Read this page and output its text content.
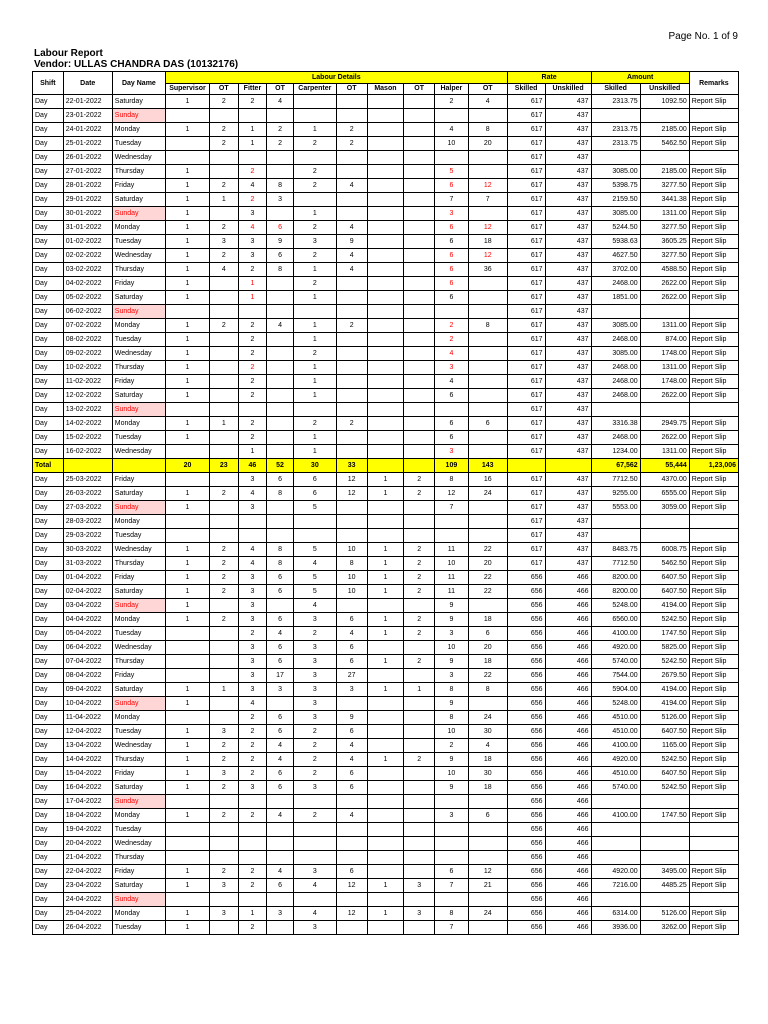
Page No. 1 of 9
Labour Report
Vendor: ULLAS CHANDRA DAS (10132176)
Shift	Date	Day Name	Labour Details										Rate		Amount		Remarks
			Supervisor	OT	Fitter	OT	Carpenter	OT	Mason	OT	Halper	OT	Skilled	Unskilled	Skilled	Unskilled	
Day	22-01-2022	Saturday	1	2	2	4					2	4	617	437	2313.75	1092.50	Report Slip
Day	23-01-2022	Sunday											617	437			
Day	24-01-2022	Monday	1	2	1	2	1	2			4	8	617	437	2313.75	2185.00	Report Slip
Day	25-01-2022	Tuesday		2	1	2	2	2			10	20	617	437	2313.75	5462.50	Report Slip
Day	26-01-2022	Wednesday											617	437			
Day	27-01-2022	Thursday	1		2		2				5		617	437	3085.00	2185.00	Report Slip
Day	28-01-2022	Friday	1	2	4	8	2	4			6	12	617	437	5398.75	3277.50	Report Slip
Day	29-01-2022	Saturday	1	1	2	3					7	7	617	437	2159.50	3441.38	Report Slip
Day	30-01-2022	Sunday	1		3		1				3		617	437	3085.00	1311.00	Report Slip
Day	31-01-2022	Monday	1	2	4	6	2	4			6	12	617	437	5244.50	3277.50	Report Slip
Day	01-02-2022	Tuesday	1	3	3	9	3	9			6	18	617	437	5938.63	3605.25	Report Slip
Day	02-02-2022	Wednesday	1	2	3	6	2	4			6	12	617	437	4627.50	3277.50	Report Slip
Day	03-02-2022	Thursday	1	4	2	8	1	4			6	36	617	437	3702.00	4588.50	Report Slip
Day	04-02-2022	Friday	1		1		2				6		617	437	2468.00	2622.00	Report Slip
Day	05-02-2022	Saturday	1		1		1				6		617	437	1851.00	2622.00	Report Slip
Day	06-02-2022	Sunday											617	437			
Day	07-02-2022	Monday	1	2	2	4	1	2			2	8	617	437	3085.00	1311.00	Report Slip
Day	08-02-2022	Tuesday	1		2		1				2		617	437	2468.00	874.00	Report Slip
Day	09-02-2022	Wednesday	1		2		2				4		617	437	3085.00	1748.00	Report Slip
Day	10-02-2022	Thursday	1		2		1				3		617	437	2468.00	1311.00	Report Slip
Day	11-02-2022	Friday	1		2		1				4		617	437	2468.00	1748.00	Report Slip
Day	12-02-2022	Saturday	1		2		1				6		617	437	2468.00	2622.00	Report Slip
Day	13-02-2022	Sunday											617	437			
Day	14-02-2022	Monday	1	1	2		2	2			6	6	617	437	3316.38	2949.75	Report Slip
Day	15-02-2022	Tuesday	1		2		1				6		617	437	2468.00	2622.00	Report Slip
Day	16-02-2022	Wednesday			1		1				3		617	437	1234.00	1311.00	Report Slip
Total			20	23	46	52	30	33			109	143			67,562	55,444	1,23,006
Day	25-03-2022	Friday			3	6	6	12	1	2	8	16	617	437	7712.50	4370.00	Report Slip
Day	26-03-2022	Saturday	1	2	4	8	6	12	1	2	12	24	617	437	9255.00	6555.00	Report Slip
Day	27-03-2022	Sunday	1		3		5				7		617	437	5553.00	3059.00	Report Slip
Day	28-03-2022	Monday											617	437			
Day	29-03-2022	Tuesday											617	437			
Day	30-03-2022	Wednesday	1	2	4	8	5	10	1	2	11	22	617	437	8483.75	6008.75	Report Slip
Day	31-03-2022	Thursday	1	2	4	8	4	8	1	2	10	20	617	437	7712.50	5462.50	Report Slip
Day	01-04-2022	Friday	1	2	3	6	5	10	1	2	11	22	656	466	8200.00	6407.50	Report Slip
Day	02-04-2022	Saturday	1	2	3	6	5	10	1	2	11	22	656	466	8200.00	6407.50	Report Slip
Day	03-04-2022	Sunday	1		3		4				9		656	466	5248.00	4194.00	Report Slip
Day	04-04-2022	Monday	1	2	3	6	3	6	1	2	9	18	656	466	6560.00	5242.50	Report Slip
Day	05-04-2022	Tuesday			2	4	2	4	1	2	3	6	656	466	4100.00	1747.50	Report Slip
Day	06-04-2022	Wednesday			3	6	3	6			10	20	656	466	4920.00	5825.00	Report Slip
Day	07-04-2022	Thursday			3	6	3	6	1	2	9	18	656	466	5740.00	5242.50	Report Slip
Day	08-04-2022	Friday			3	17	3	27			3	22	656	466	7544.00	2679.50	Report Slip
Day	09-04-2022	Saturday	1	1	3	3	3	3	1	1	8	8	656	466	5904.00	4194.00	Report Slip
Day	10-04-2022	Sunday	1		4		3				9		656	466	5248.00	4194.00	Report Slip
Day	11-04-2022	Monday			2	6	3	9			8	24	656	466	4510.00	5126.00	Report Slip
Day	12-04-2022	Tuesday	1	3	2	6	2	6			10	30	656	466	4510.00	6407.50	Report Slip
Day	13-04-2022	Wednesday	1	2	2	4	2	4			2	4	656	466	4100.00	1165.00	Report Slip
Day	14-04-2022	Thursday	1	2	2	4	2	4	1	2	9	18	656	466	4920.00	5242.50	Report Slip
Day	15-04-2022	Friday	1	3	2	6	2	6			10	30	656	466	4510.00	6407.50	Report Slip
Day	16-04-2022	Saturday	1	2	3	6	3	6			9	18	656	466	5740.00	5242.50	Report Slip
Day	17-04-2022	Sunday											656	466			
Day	18-04-2022	Monday	1	2	2	4	2	4			3	6	656	466	4100.00	1747.50	Report Slip
Day	19-04-2022	Tuesday											656	466			
Day	20-04-2022	Wednesday											656	466			
Day	21-04-2022	Thursday											656	466			
Day	22-04-2022	Friday	1	2	2	4	3	6			6	12	656	466	4920.00	3495.00	Report Slip
Day	23-04-2022	Saturday	1	3	2	6	4	12	1	3	7	21	656	466	7216.00	4485.25	Report Slip
Day	24-04-2022	Sunday											656	466			
Day	25-04-2022	Monday	1	3	1	3	4	12	1	3	8	24	656	466	6314.00	5126.00	Report Slip
Day	26-04-2022	Tuesday	1		2		3				7		656	466	3936.00	3262.00	Report Slip
